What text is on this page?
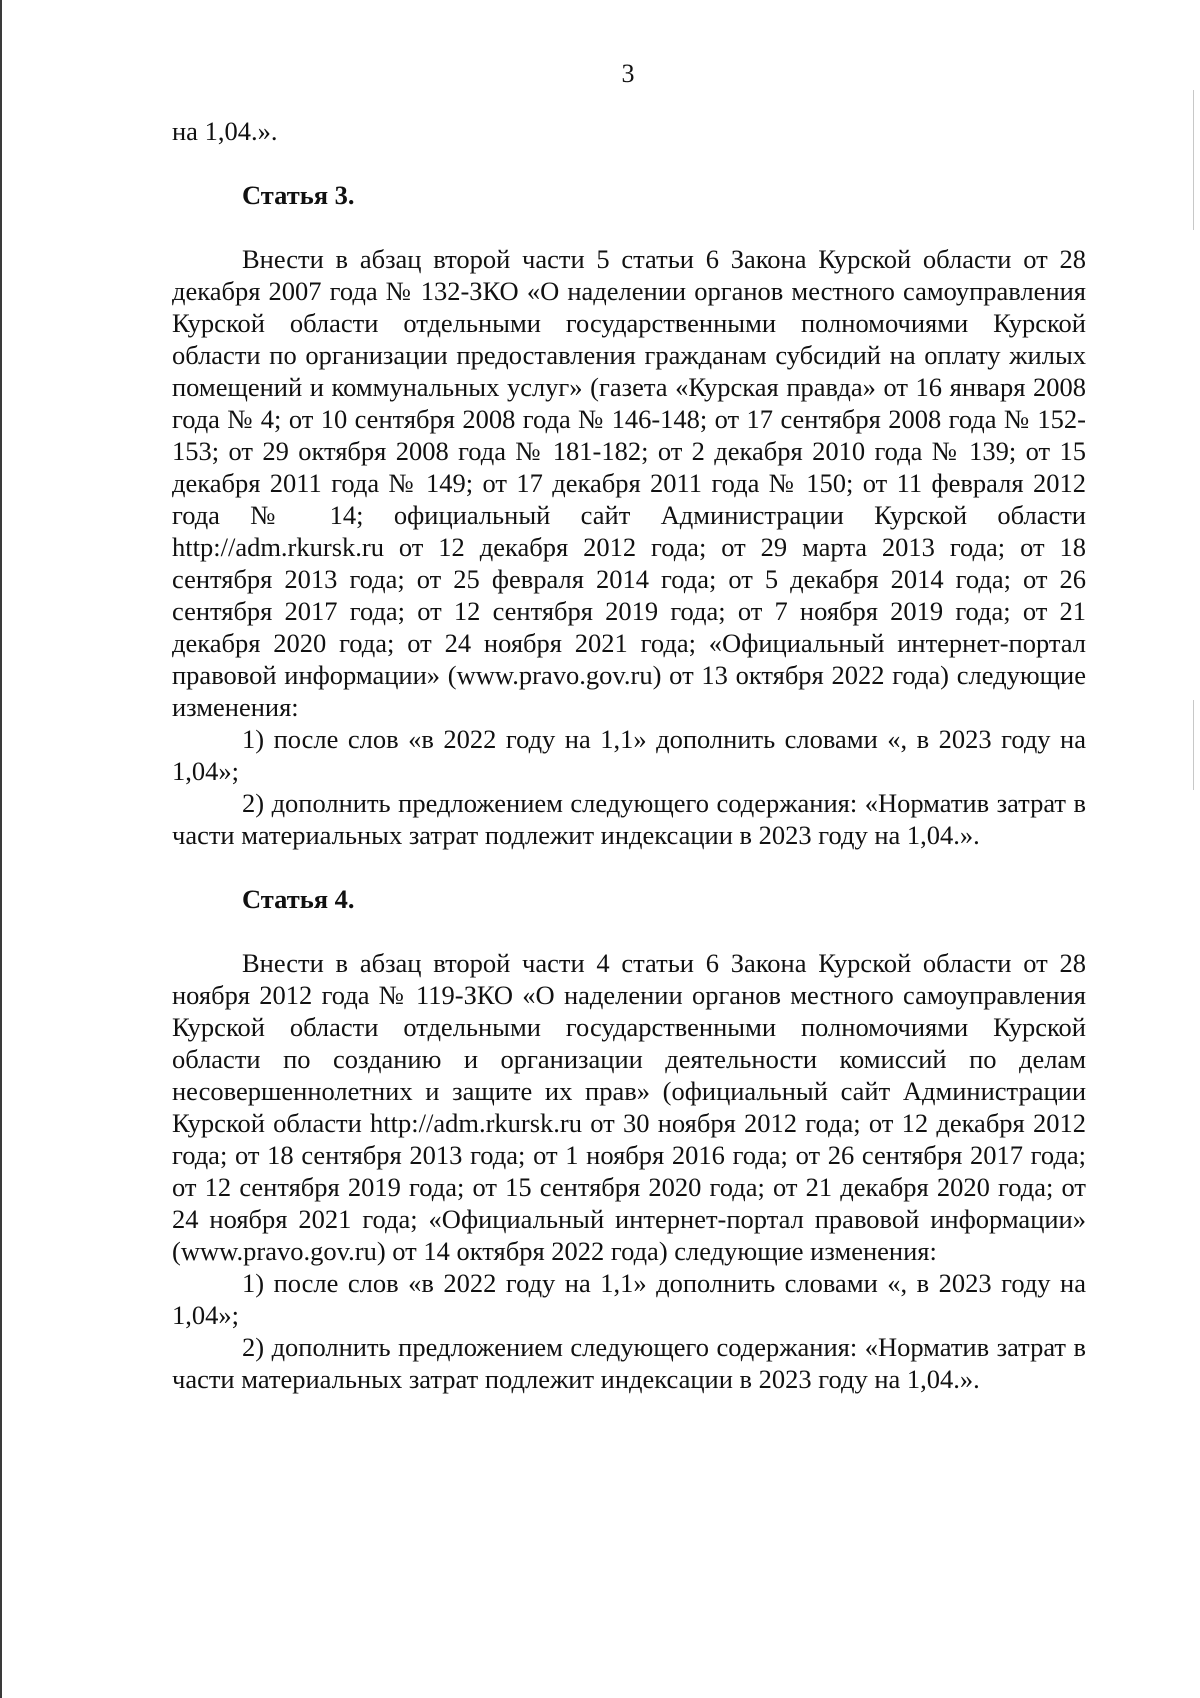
3

на 1,04.».

Статья 3.

Внести в абзац второй части 5 статьи 6 Закона Курской области от 28 декабря 2007 года № 132-ЗКО «О наделении органов местного самоуправления Курской области отдельными государственными полномочиями Курской области по организации предоставления гражданам субсидий на оплату жилых помещений и коммунальных услуг» (газета «Курская правда» от 16 января 2008 года № 4; от 10 сентября 2008 года № 146-148; от 17 сентября 2008 года № 152-153; от 29 октября 2008 года № 181-182; от 2 декабря 2010 года № 139; от 15 декабря 2011 года № 149; от 17 декабря 2011 года № 150; от 11 февраля 2012 года № 14; официальный сайт Администрации Курской области http://adm.rkursk.ru от 12 декабря 2012 года; от 29 марта 2013 года; от 18 сентября 2013 года; от 25 февраля 2014 года; от 5 декабря 2014 года; от 26 сентября 2017 года; от 12 сентября 2019 года; от 7 ноября 2019 года; от 21 декабря 2020 года; от 24 ноября 2021 года; «Официальный интернет-портал правовой информации» (www.pravo.gov.ru) от 13 октября 2022 года) следующие изменения:

1) после слов «в 2022 году на 1,1» дополнить словами «, в 2023 году на 1,04»;

2) дополнить предложением следующего содержания: «Норматив затрат в части материальных затрат подлежит индексации в 2023 году на 1,04.».

Статья 4.

Внести в абзац второй части 4 статьи 6 Закона Курской области от 28 ноября 2012 года № 119-ЗКО «О наделении органов местного самоуправления Курской области отдельными государственными полномочиями Курской области по созданию и организации деятельности комиссий по делам несовершеннолетних и защите их прав» (официальный сайт Администрации Курской области http://adm.rkursk.ru от 30 ноября 2012 года; от 12 декабря 2012 года; от 18 сентября 2013 года; от 1 ноября 2016 года; от 26 сентября 2017 года; от 12 сентября 2019 года; от 15 сентября 2020 года; от 21 декабря 2020 года; от 24 ноября 2021 года; «Официальный интернет-портал правовой информации» (www.pravo.gov.ru) от 14 октября 2022 года) следующие изменения:

1) после слов «в 2022 году на 1,1» дополнить словами «, в 2023 году на 1,04»;

2) дополнить предложением следующего содержания: «Норматив затрат в части материальных затрат подлежит индексации в 2023 году на 1,04.».
